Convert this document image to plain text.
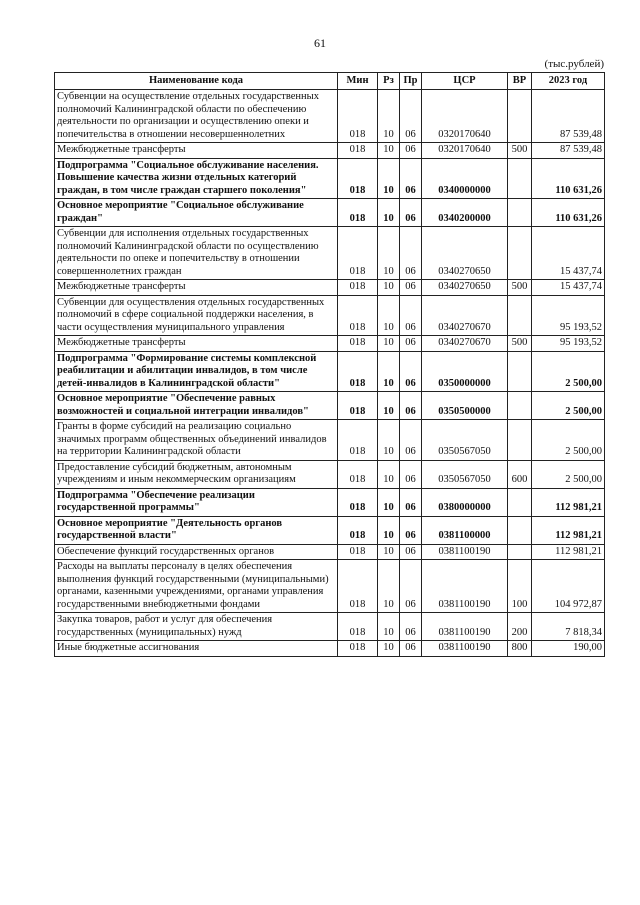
61
(тыс.рублей)
Наименование кода	Мин	Рз	Пр	ЦСР	ВР	2023 год
Субвенции на осуществление отдельных государственных полномочий Калининградской области по обеспечению деятельности по организации и осуществлению опеки и попечительства в отношении несовершеннолетних	018	10	06	0320170640		87 539,48
Межбюджетные трансферты	018	10	06	0320170640	500	87 539,48
Подпрограмма "Социальное обслуживание населения. Повышение качества жизни отдельных категорий граждан, в том числе граждан старшего поколения"	018	10	06	0340000000		110 631,26
Основное мероприятие "Социальное обслуживание граждан"	018	10	06	0340200000		110 631,26
Субвенции для исполнения отдельных государственных полномочий Калининградской области по осуществлению деятельности по опеке и попечительству в отношении совершеннолетних граждан	018	10	06	0340270650		15 437,74
Межбюджетные трансферты	018	10	06	0340270650	500	15 437,74
Субвенции для осуществления отдельных государственных полномочий в сфере социальной поддержки населения, в части осуществления муниципального управления	018	10	06	0340270670		95 193,52
Межбюджетные трансферты	018	10	06	0340270670	500	95 193,52
Подпрограмма "Формирование системы комплексной реабилитации и абилитации инвалидов, в том числе детей-инвалидов в Калининградской области"	018	10	06	0350000000		2 500,00
Основное мероприятие "Обеспечение равных возможностей и социальной интеграции инвалидов"	018	10	06	0350500000		2 500,00
Гранты в форме субсидий на реализацию социально значимых программ общественных объединений инвалидов на территории Калининградской области	018	10	06	0350567050		2 500,00
Предоставление субсидий бюджетным, автономным учреждениям и иным некоммерческим организациям	018	10	06	0350567050	600	2 500,00
Подпрограмма "Обеспечение реализации государственной программы"	018	10	06	0380000000		112 981,21
Основное мероприятие "Деятельность органов государственной власти"	018	10	06	0381100000		112 981,21
Обеспечение функций государственных органов	018	10	06	0381100190		112 981,21
Расходы на выплаты персоналу в целях обеспечения выполнения функций государственными (муниципальными) органами, казенными учреждениями, органами управления государственными внебюджетными фондами	018	10	06	0381100190	100	104 972,87
Закупка товаров, работ и услуг для обеспечения государственных (муниципальных) нужд	018	10	06	0381100190	200	7 818,34
Иные бюджетные ассигнования	018	10	06	0381100190	800	190,00
